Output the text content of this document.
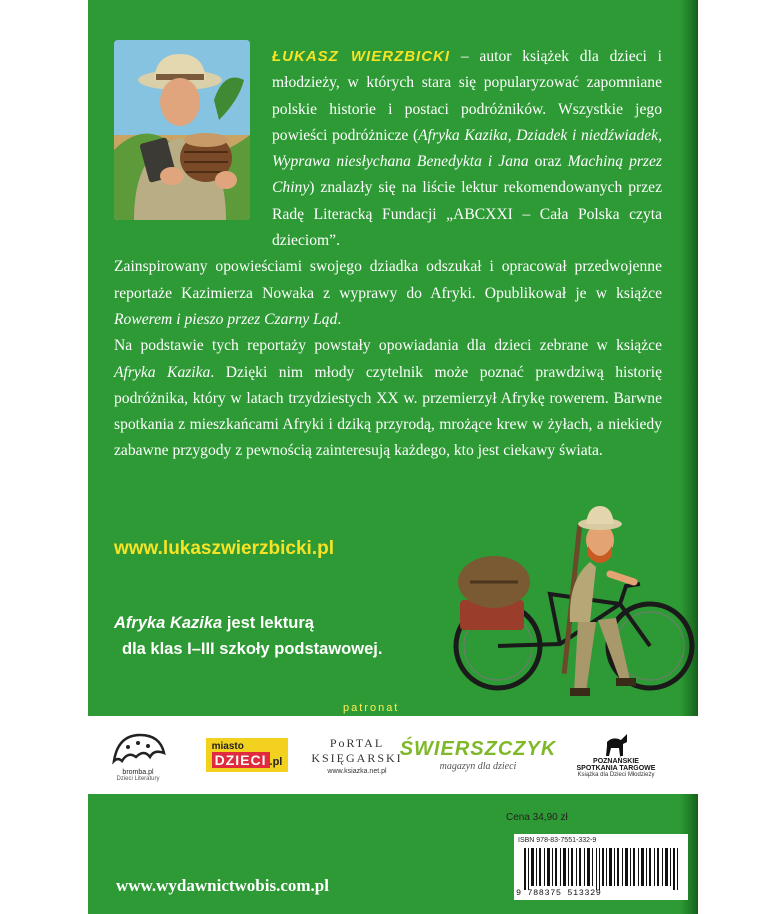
ŁUKASZ WIERZBICKI – autor książek dla dzieci i młodzieży, w których stara się popularyzować zapomniane polskie historie i postaci podróżników. Wszystkie jego powieści podróżnicze (Afryka Kazika, Dziadek i niedźwiadek, Wyprawa niesłychana Benedykta i Jana oraz Machiną przez Chiny) znalazły się na liście lektur rekomendowanych przez Radę Literacką Fundacji „ABCXXI – Cała Polska czyta dzieciom”.

Zainspirowany opowieściami swojego dziadka odszukał i opracował przedwojenne reportaże Kazimierza Nowaka z wyprawy do Afryki. Opublikował je w książce Rowerem i pieszo przez Czarny Ląd.

Na podstawie tych reportaży powstały opowiadania dla dzieci zebrane w książce Afryka Kazika. Dzięki nim młody czytelnik może poznać prawdziwą historię podróżnika, który w latach trzydziestych XX w. przemierzył Afrykę rowerem. Barwne spotkania z mieszkańcami Afryki i dziką przyrodą, mrożące krew w żyłach, a niekiedy zabawne przygody z pewnością zainteresują każdego, kto jest ciekawy świata.

www.lukaszwierzbicki.pl
Afryka Kazika jest lekturą
dla klas I–III szkoły podstawowej.
patronat
bromba.pl
Dzieci Literatury
miasto
DZIECI .pl
PoRTAL
KSIĘGARSKI
www.ksiazka.net.pl
ŚWIERSZCZYK
magazyn dla dzieci	POZNAŃSKIE
SPOTKANIA TARGOWE
Książka dla Dzieci Młodzieży
Cena 34,90 zł
ISBN 978-83-7551-332-9
9 788375 513329
www.wydawnictwobis.com.pl
